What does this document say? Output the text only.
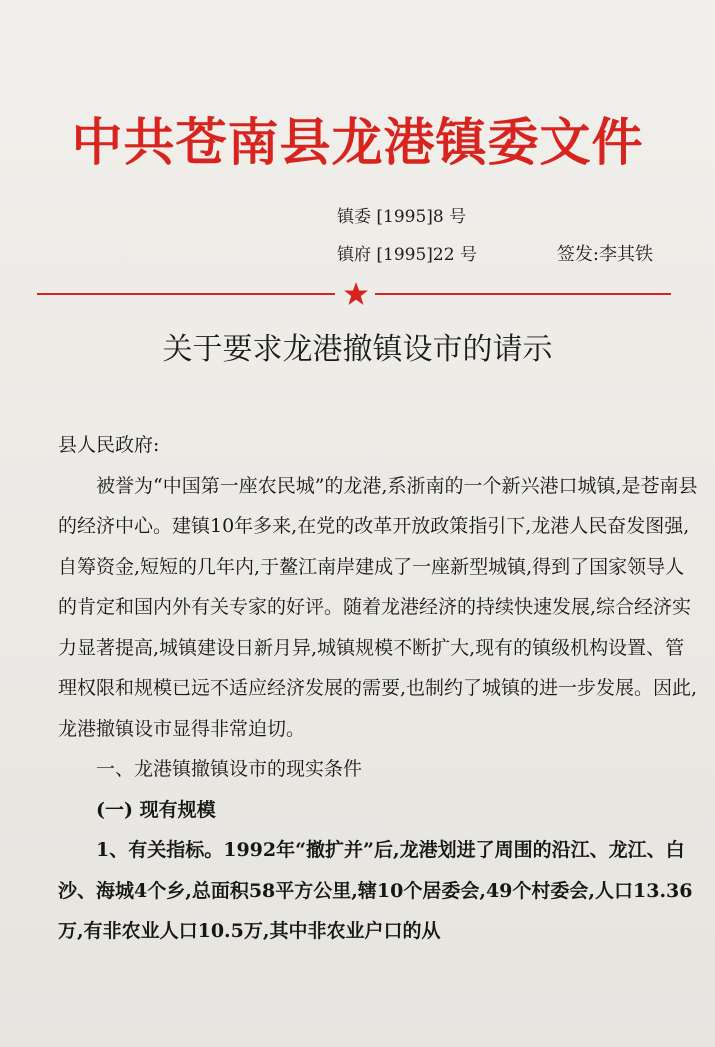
中共苍南县龙港镇委文件
镇委 [1995]8 号
镇府 [1995]22 号	签发:李其铁
关于要求龙港撤镇设市的请示

县人民政府:

被誉为“中国第一座农民城”的龙港,系浙南的一个新兴港口城镇,是苍南县的经济中心。建镇10年多来,在党的改革开放政策指引下,龙港人民奋发图强,自筹资金,短短的几年内,于鳌江南岸建成了一座新型城镇,得到了国家领导人的肯定和国内外有关专家的好评。随着龙港经济的持续快速发展,综合经济实力显著提高,城镇建设日新月异,城镇规模不断扩大,现有的镇级机构设置、管理权限和规模已远不适应经济发展的需要,也制约了城镇的进一步发展。因此,龙港撤镇设市显得非常迫切。

一、龙港镇撤镇设市的现实条件

(一) 现有规模

1、有关指标。1992年“撤扩并”后,龙港划进了周围的沿江、龙江、白沙、海城4个乡,总面积58平方公里,辖10个居委会,49个村委会,人口13.36万,有非农业人口10.5万,其中非农业户口的从
